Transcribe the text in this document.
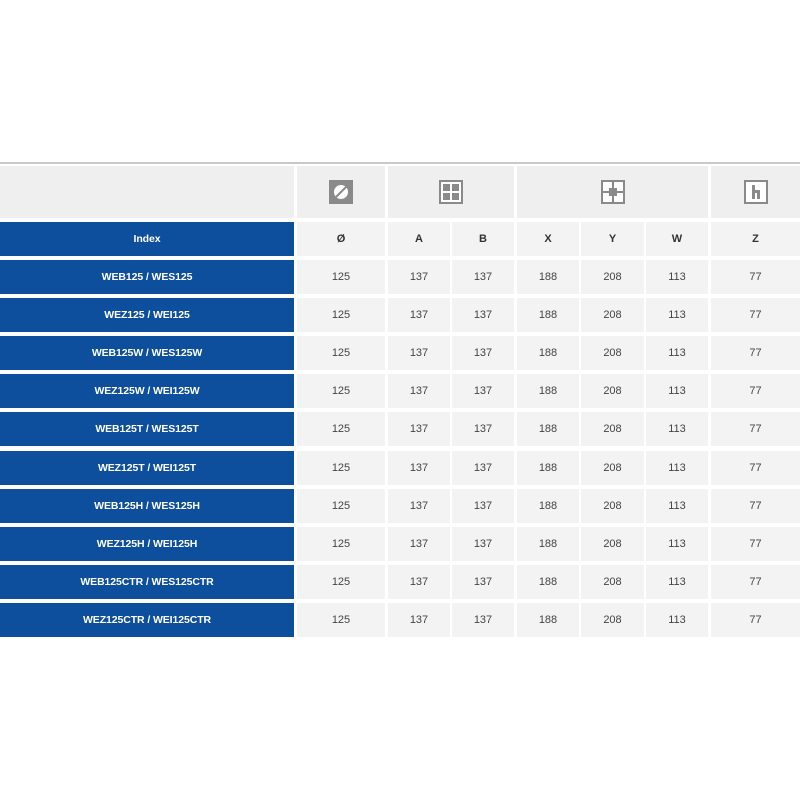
Index	Ø	A	B	X	Y	W	Z
WEB125 / WES125	125	137	137	188	208	113	77
WEZ125 / WEI125	125	137	137	188	208	113	77
WEB125W / WES125W	125	137	137	188	208	113	77
WEZ125W / WEI125W	125	137	137	188	208	113	77
WEB125T / WES125T	125	137	137	188	208	113	77
WEZ125T / WEI125T	125	137	137	188	208	113	77
WEB125H / WES125H	125	137	137	188	208	113	77
WEZ125H / WEI125H	125	137	137	188	208	113	77
WEB125CTR / WES125CTR	125	137	137	188	208	113	77
WEZ125CTR / WEI125CTR	125	137	137	188	208	113	77
